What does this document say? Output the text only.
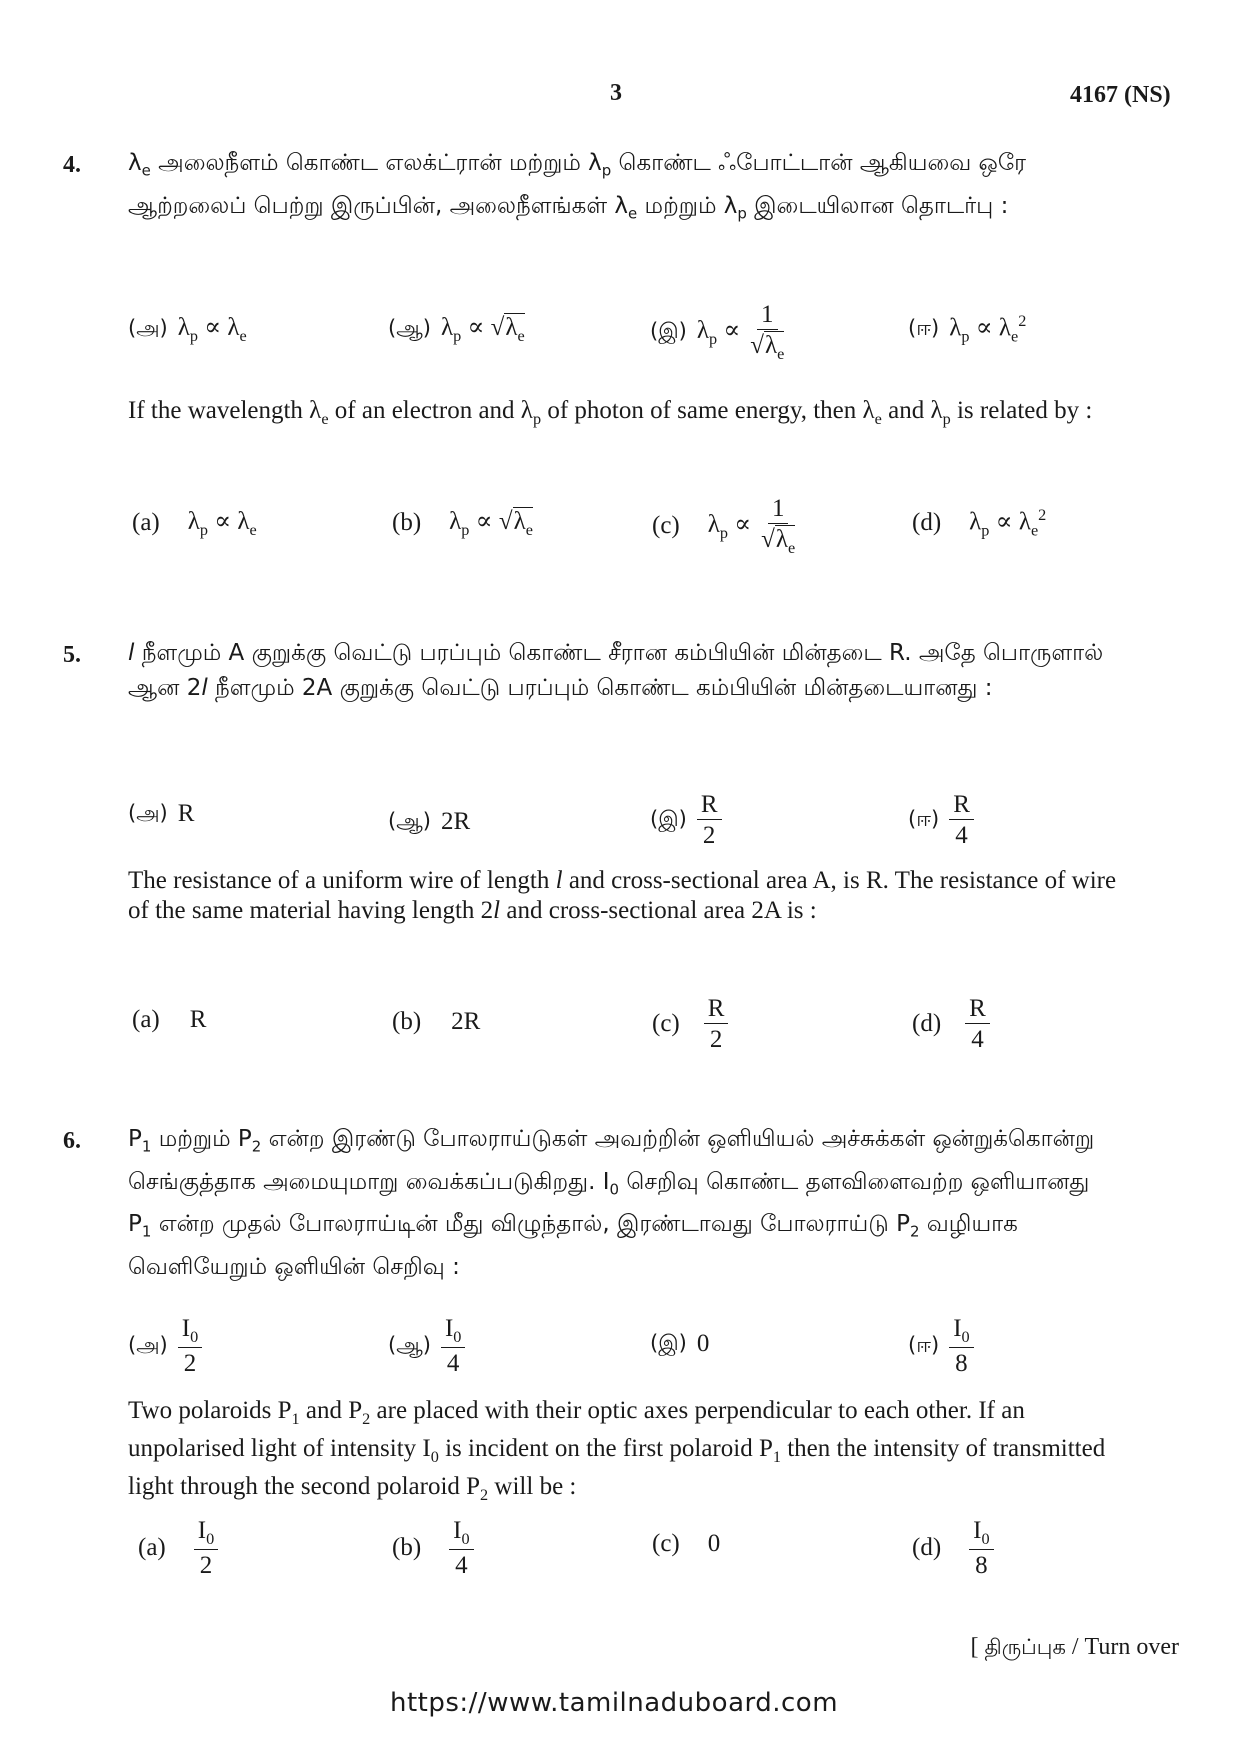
3	4167 (NS)
4. $\lambda_e$ அலைநீளம் கொண்ட எலக்ட்ரான் மற்றும் $\lambda_p$ கொண்ட ஃபோட்டான் ஆகியவை ஒரே ஆற்றலைப் பெற்று இருப்பின், அலைநீளங்கள் $\lambda_e$ மற்றும் $\lambda_p$ இடையிலான தொடர்பு :
(அ) $\lambda_p \propto \lambda_e$	(ஆ) $\lambda_p \propto √\lambda_e$	(இ) $\lambda_p \propto \frac{1}{√\lambda_e}$	(ஈ) $\lambda_p \propto \lambda_e^2$
If the wavelength $\lambda_e$ of an electron and $\lambda_p$ of photon of same energy, then $\lambda_e$ and $\lambda_p$ is related by :
(a) $\lambda_p \propto \lambda_e$	(b) $\lambda_p \propto √\lambda_e$	(c) $\lambda_p \propto \frac{1}{√\lambda_e}$	(d) $\lambda_p \propto \lambda_e^2$
5. l நீளமும் A குறுக்கு வெட்டு பரப்பும் கொண்ட சீரான கம்பியின் மின்தடை R. அதே பொருளால் ஆன 2l நீளமும் 2A குறுக்கு வெட்டு பரப்பும் கொண்ட கம்பியின் மின்தடையானது :
(அ) R	(ஆ) 2R	(இ) $\frac{R}{2}$	(ஈ) $\frac{R}{4}$
The resistance of a uniform wire of length l and cross-sectional area A, is R. The resistance of wire of the same material having length 2l and cross-sectional area 2A is :
(a) R	(b) 2R	$(c) \frac{R}{2}$	$(d) \frac{R}{4}$
6. $P_1$ மற்றும் $P_2$ என்ற இரண்டு போலராய்டுகள் அவற்றின் ஒளியியல் அச்சுக்கள் ஒன்றுக்கொன்று செங்குத்தாக அமையுமாறு வைக்கப்படுகிறது. $I_0$ செறிவு கொண்ட தளவிளைவற்ற ஒளியானது $P_1$ என்ற முதல் போலராய்டின் மீது விழுந்தால், இரண்டாவது போலராய்டு $P_2$ வழியாக வெளியேறும் ஒளியின் செறிவு :
(அ) $\frac{I_0}{2}$	(ஆ) $\frac{I_0}{4}$	(இ) 0	(ஈ) $\frac{I_0}{8}$
Two polaroids $P_1$ and $P_2$ are placed with their optic axes perpendicular to each other. If an unpolarised light of intensity $I_0$ is incident on the first polaroid $P_1$ then the intensity of transmitted light through the second polaroid $P_2$ will be :
$(a) \frac{I_0}{2}$	$(b) \frac{I_0}{4}$	(c) 0	$(d) \frac{I_0}{8}$
[ திருப்புக / Turn over
https://www.tamilnaduboard.com
